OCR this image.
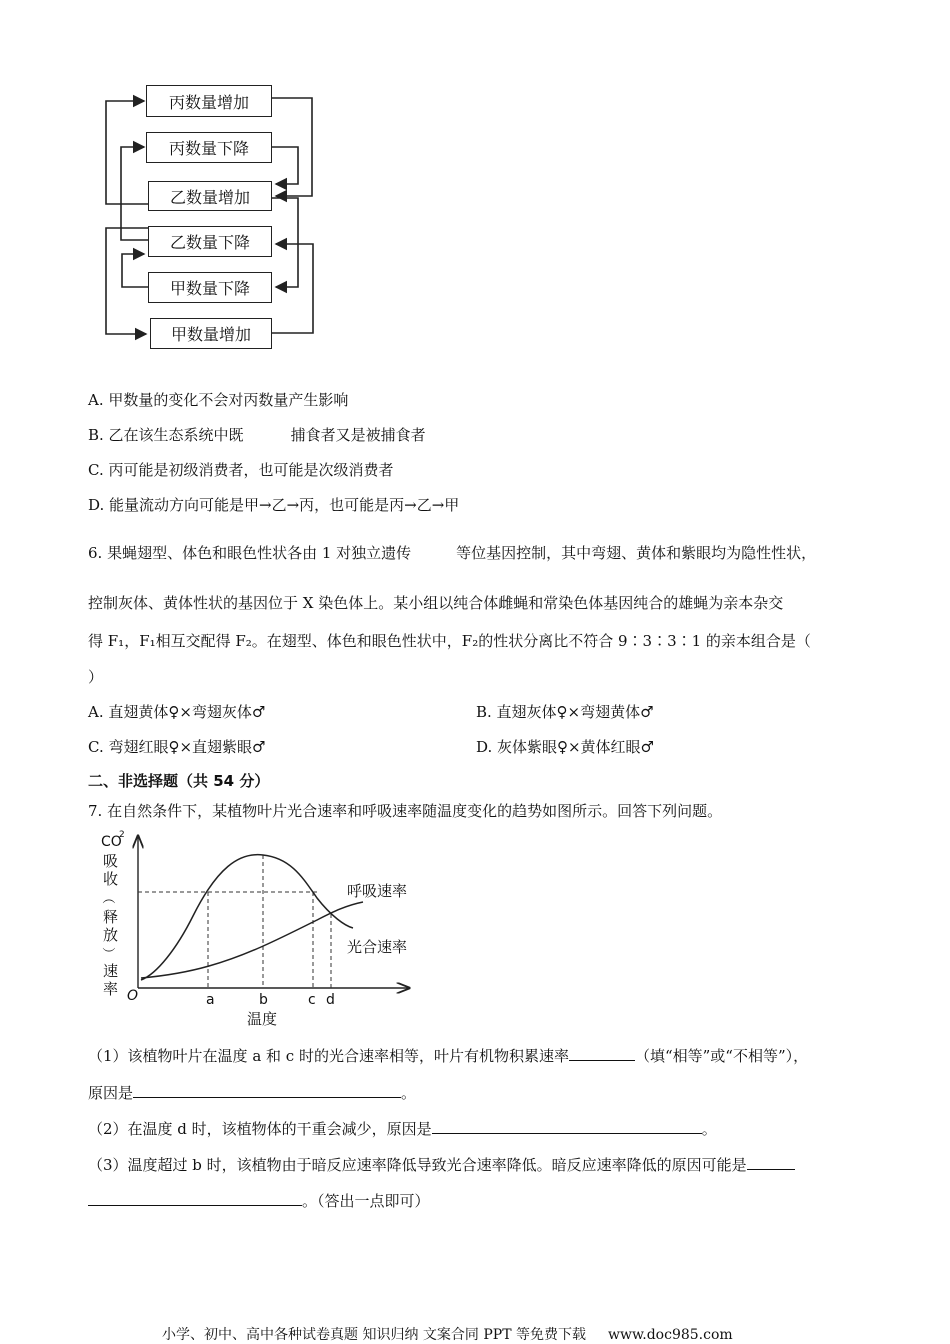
丙数量增加
丙数量下降
乙数量增加
乙数量下降
甲数量下降
甲数量增加
A. 甲数量的变化不会对丙数量产生影响
B. 乙在该生态系统中既	捕食者又是被捕食者
C. 丙可能是初级消费者，也可能是次级消费者
D. 能量流动方向可能是甲→乙→丙，也可能是丙→乙→甲
6. 果蝇翅型、体色和眼色性状各由 1 对独立遗传	等位基因控制，其中弯翅、黄体和紫眼均为隐性性状，
控制灰体、黄体性状的基因位于 X 染色体上。某小组以纯合体雌蝇和常染色体基因纯合的雄蝇为亲本杂交
得 F₁，F₁相互交配得 F₂。在翅型、体色和眼色性状中，F₂的性状分离比不符合 9∶3∶3∶1 的亲本组合是（
）
A. 直翅黄体♀×弯翅灰体♂	B. 直翅灰体♀×弯翅黄体♂
C. 弯翅红眼♀×直翅紫眼♂	D. 灰体紫眼♀×黄体红眼♂
二、非选择题（共 54 分）
7. 在自然条件下，某植物叶片光合速率和呼吸速率随温度变化的趋势如图所示。回答下列问题。
CO
2
吸
收
（
释
放
）
速
率 O	a	b	c d
温度
呼吸速率
光合速率
（1）该植物叶片在温度 a 和 c 时的光合速率相等，叶片有机物积累速率	（填“相等”或“不相等”），
原因是	。
（2）在温度 d 时，该植物体的干重会减少，原因是	。
（3）温度超过 b 时，该植物由于暗反应速率降低导致光合速率降低。暗反应速率降低的原因可能是
。（答出一点即可）
小学、初中、高中各种试卷真题 知识归纳 文案合同 PPT 等免费下载 www.doc985.com
